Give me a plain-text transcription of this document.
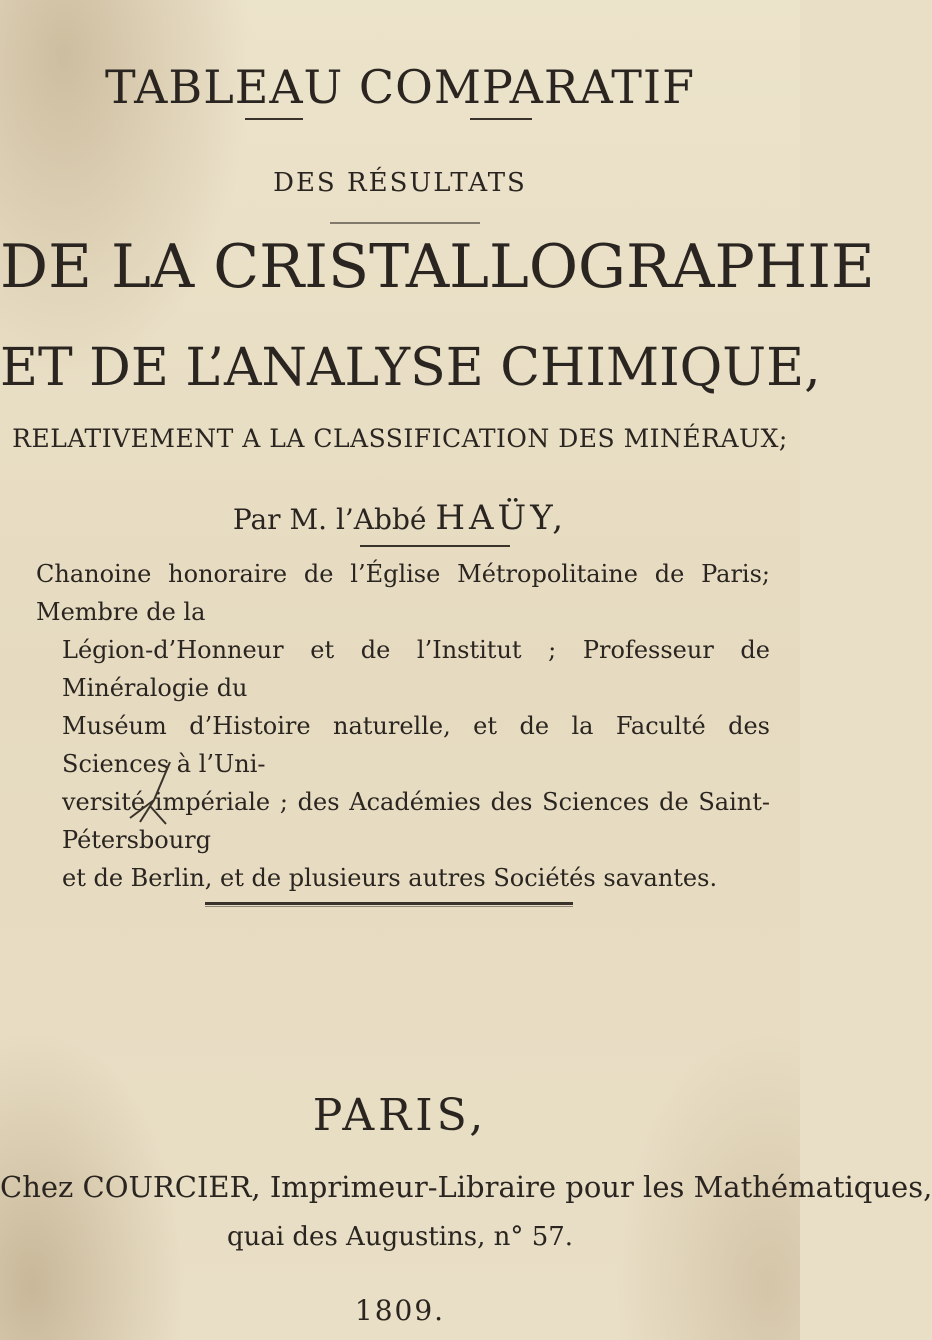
TABLEAU COMPARATIF
DES RÉSULTATS
DE LA CRISTALLOGRAPHIE
ET DE L’ANALYSE CHIMIQUE,
RELATIVEMENT A LA CLASSIFICATION DES MINÉRAUX;
Par M. l’Abbé HAÜY,

Chanoine honoraire de l’Église Métropolitaine de Paris; Membre de la

Légion-d’Honneur et de l’Institut ; Professeur de Minéralogie du

Muséum d’Histoire naturelle, et de la Faculté des Sciences à l’Uni-

versité impériale ; des Académies des Sciences de Saint-Pétersbourg

et de Berlin, et de plusieurs autres Sociétés savantes.

PARIS,
Chez COURCIER, Imprimeur-Libraire pour les Mathématiques,
quai des Augustins, n° 57.
1809.
